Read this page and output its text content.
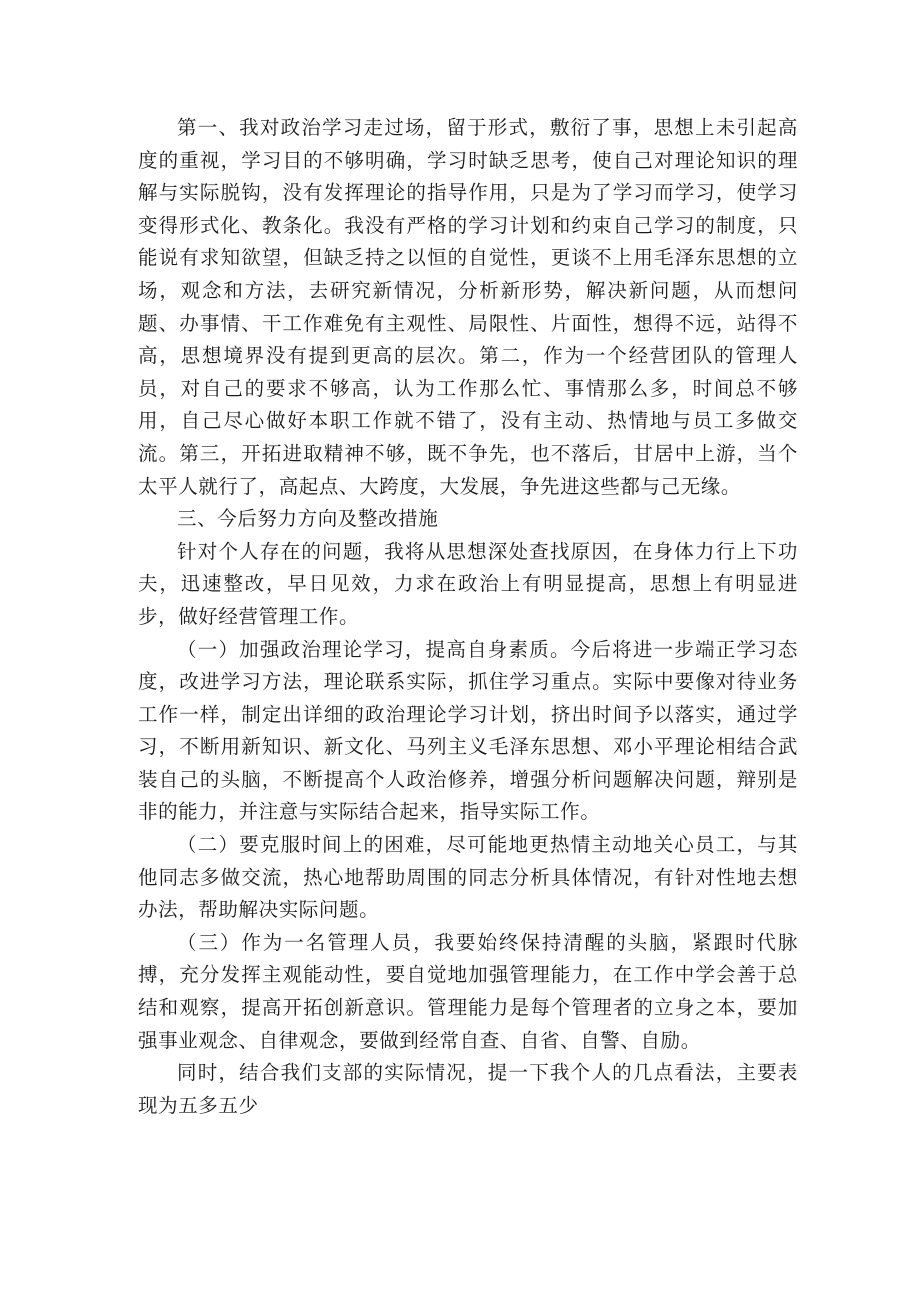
第一、我对政治学习走过场，留于形式，敷衍了事，思想上未引起高度的重视，学习目的不够明确，学习时缺乏思考，使自己对理论知识的理解与实际脱钩，没有发挥理论的指导作用，只是为了学习而学习，使学习变得形式化、教条化。我没有严格的学习计划和约束自己学习的制度，只能说有求知欲望，但缺乏持之以恒的自觉性，更谈不上用毛泽东思想的立场，观念和方法，去研究新情况，分析新形势，解决新问题，从而想问题、办事情、干工作难免有主观性、局限性、片面性，想得不远，站得不高，思想境界没有提到更高的层次。第二，作为一个经营团队的管理人员，对自己的要求不够高，认为工作那么忙、事情那么多，时间总不够用，自己尽心做好本职工作就不错了，没有主动、热情地与员工多做交流。第三，开拓进取精神不够，既不争先，也不落后，甘居中上游，当个太平人就行了，高起点、大跨度，大发展，争先进这些都与己无缘。

三、今后努力方向及整改措施

针对个人存在的问题，我将从思想深处查找原因，在身体力行上下功夫，迅速整改，早日见效，力求在政治上有明显提高，思想上有明显进步，做好经营管理工作。

（一）加强政治理论学习，提高自身素质。今后将进一步端正学习态度，改进学习方法，理论联系实际，抓住学习重点。实际中要像对待业务工作一样，制定出详细的政治理论学习计划，挤出时间予以落实，通过学习，不断用新知识、新文化、马列主义毛泽东思想、邓小平理论相结合武装自己的头脑，不断提高个人政治修养，增强分析问题解决问题，辩别是非的能力，并注意与实际结合起来，指导实际工作。

（二）要克服时间上的困难，尽可能地更热情主动地关心员工，与其他同志多做交流，热心地帮助周围的同志分析具体情况，有针对性地去想办法，帮助解决实际问题。

（三）作为一名管理人员，我要始终保持清醒的头脑，紧跟时代脉搏，充分发挥主观能动性，要自觉地加强管理能力，在工作中学会善于总结和观察，提高开拓创新意识。管理能力是每个管理者的立身之本，要加强事业观念、自律观念，要做到经常自查、自省、自警、自励。

同时，结合我们支部的实际情况，提一下我个人的几点看法，主要表现为五多五少
